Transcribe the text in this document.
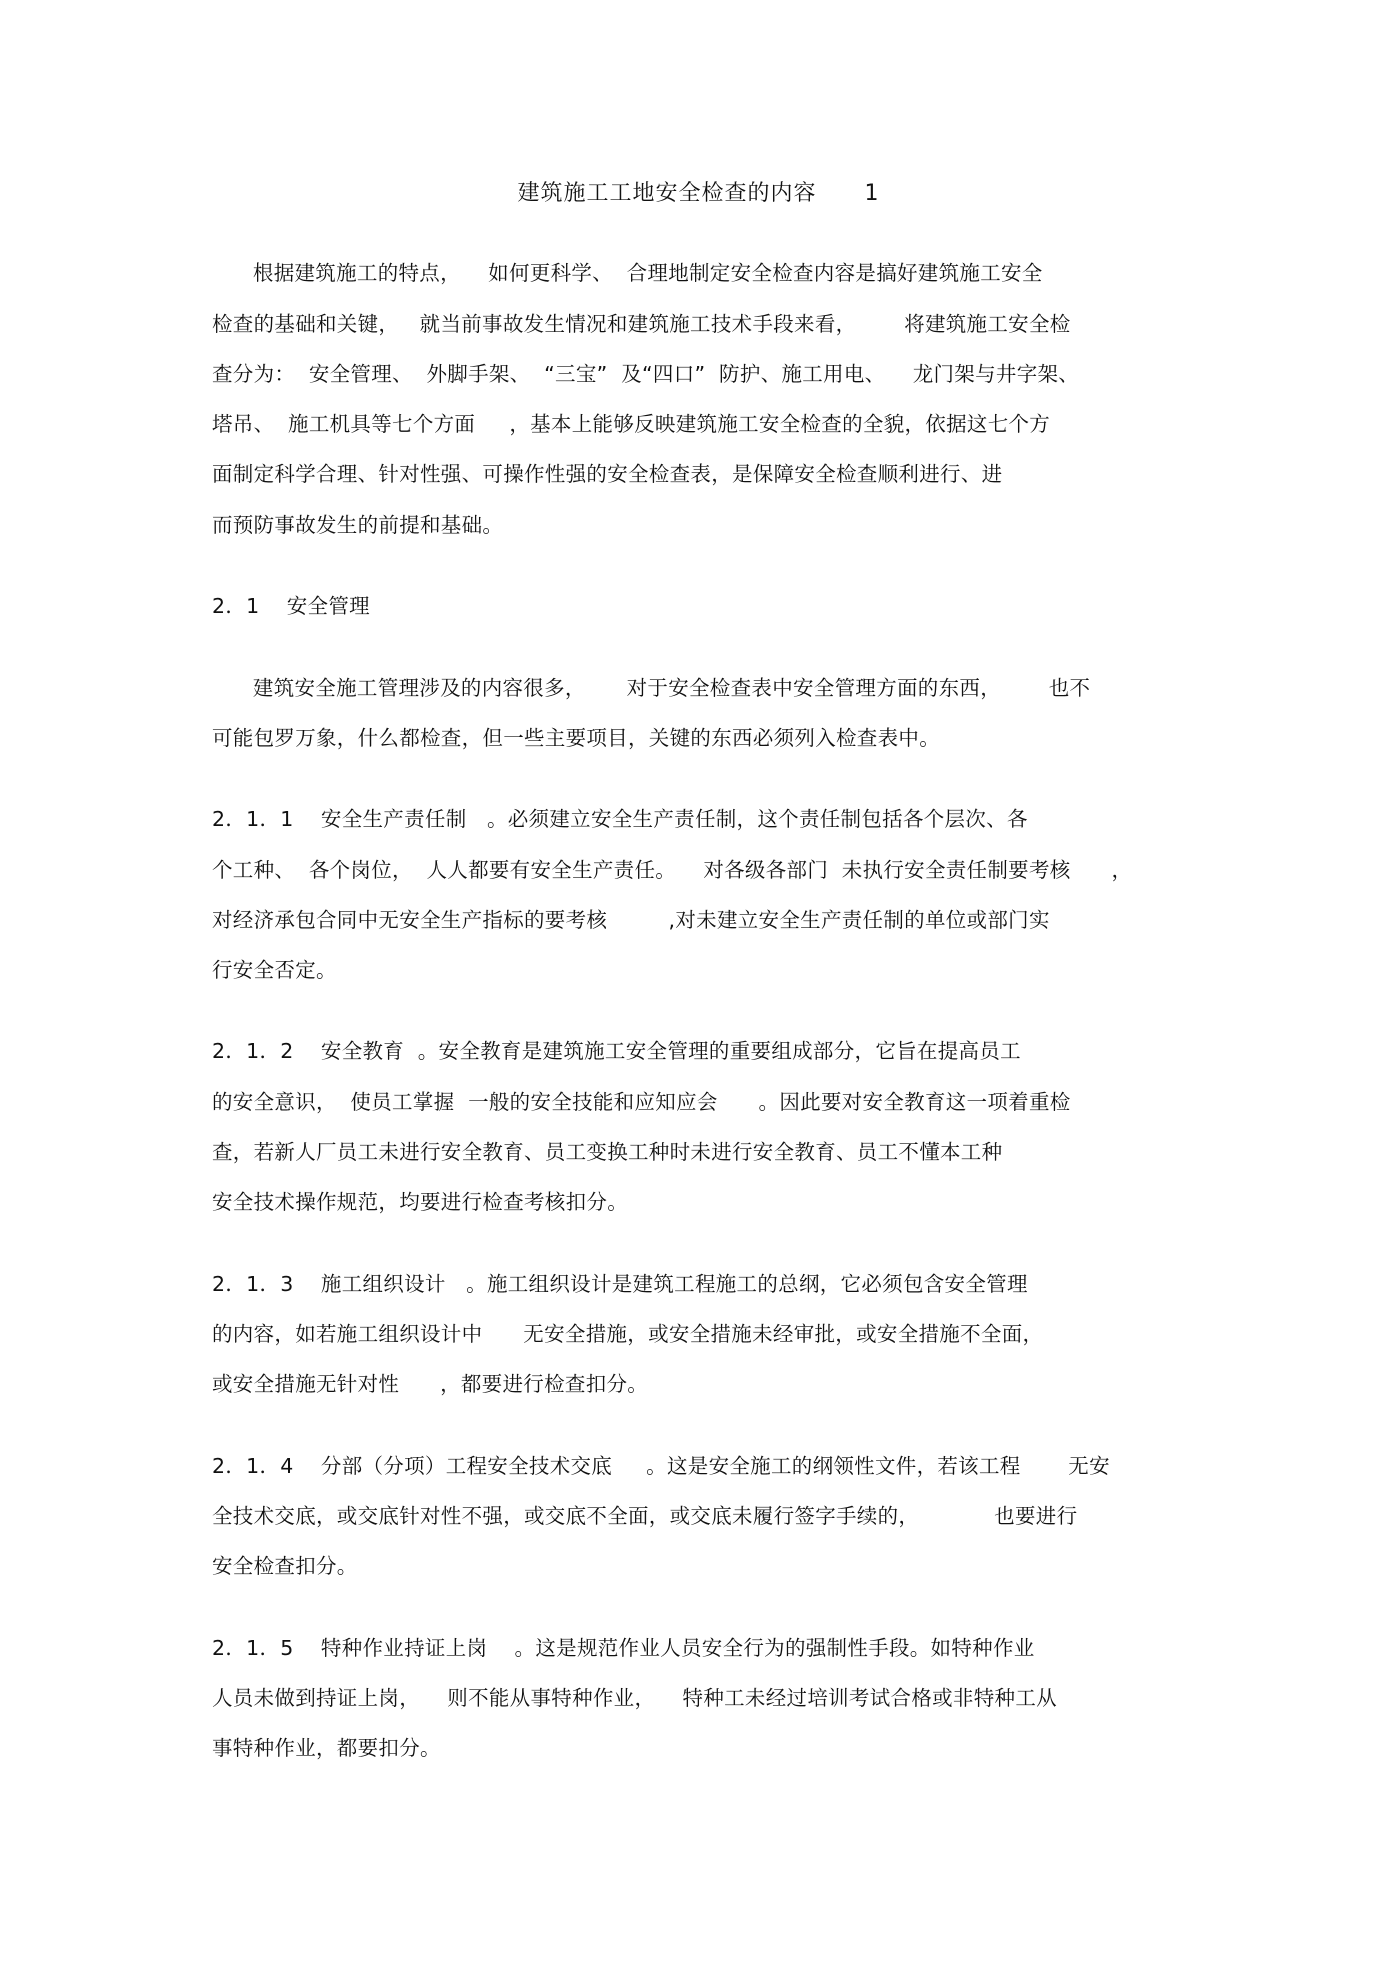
建筑施工工地安全检查的内容      1
根据建筑施工的特点，    如何更科学、  合理地制定安全检查内容是搞好建筑施工安全
检查的基础和关键，   就当前事故发生情况和建筑施工技术手段来看，       将建筑施工安全检
查分为：  安全管理、  外脚手架、  “三宝”  及“四口”  防护、施工用电、    龙门架与井字架、
塔吊、  施工机具等七个方面     ，基本上能够反映建筑施工安全检查的全貌，依据这七个方
面制定科学合理、针对性强、可操作性强的安全检查表，是保障安全检查顺利进行、进
而预防事故发生的前提和基础。
2．1    安全管理
建筑安全施工管理涉及的内容很多，      对于安全检查表中安全管理方面的东西，       也不
可能包罗万象，什么都检查，但一些主要项目，关键的东西必须列入检查表中。
2．1．1    安全生产责任制   。必须建立安全生产责任制，这个责任制包括各个层次、各
个工种、  各个岗位，  人人都要有安全生产责任。    对各级各部门  未执行安全责任制要考核      ，
对经济承包合同中无安全生产指标的要考核         ,对未建立安全生产责任制的单位或部门实
行安全否定。
2．1．2    安全教育  。安全教育是建筑施工安全管理的重要组成部分，它旨在提高员工
的安全意识，  使员工掌握  一般的安全技能和应知应会      。因此要对安全教育这一项着重检
查，若新人厂员工未进行安全教育、员工变换工种时未进行安全教育、员工不懂本工种
安全技术操作规范，均要进行检查考核扣分。
2．1．3    施工组织设计   。施工组织设计是建筑工程施工的总纲，它必须包含安全管理
的内容，如若施工组织设计中      无安全措施，或安全措施未经审批，或安全措施不全面，
或安全措施无针对性      ，都要进行检查扣分。
2．1．4    分部（分项）工程安全技术交底     。这是安全施工的纲领性文件，若该工程       无安
全技术交底，或交底针对性不强，或交底不全面，或交底未履行签字手续的，           也要进行
安全检查扣分。
2．1．5    特种作业持证上岗    。这是规范作业人员安全行为的强制性手段。如特种作业
人员未做到持证上岗，    则不能从事特种作业，    特种工未经过培训考试合格或非特种工从
事特种作业，都要扣分。
